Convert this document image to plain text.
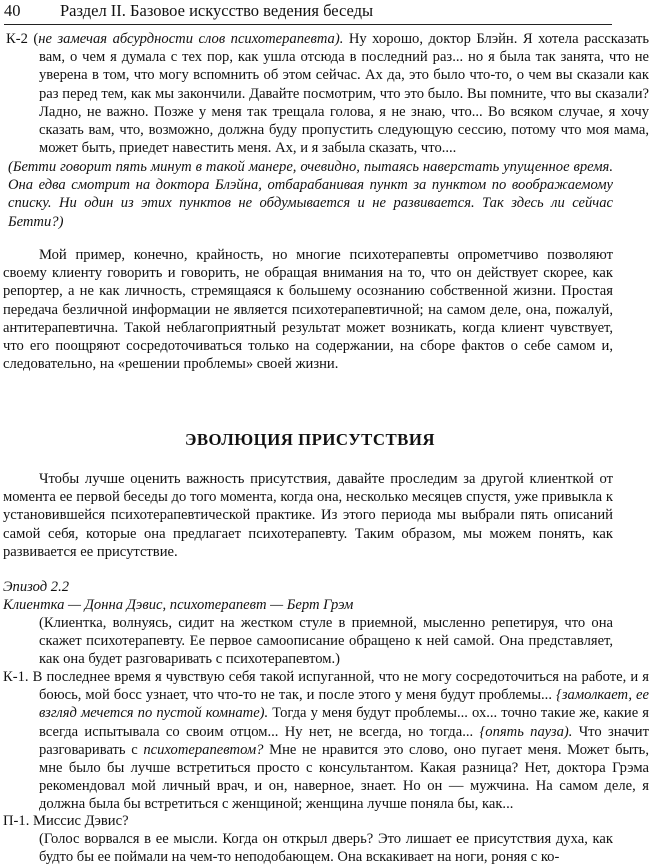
40 Раздел II. Базовое искусство ведения беседы
К-2 (не замечая абсурдности слов психотерапевта). Ну хорошо, доктор Блэйн. Я хотела рассказать вам, о чем я думала с тех пор, как ушла отсюда в последний раз... но я была так занята, что не уверена в том, что могу вспомнить об этом сейчас. Ах да, это было что-то, о чем вы сказали как раз перед тем, как мы закончили. Давайте посмотрим, что это было. Вы помните, что вы сказали? Ладно, не важно. Позже у меня так трещала голова, я не знаю, что... Во всяком случае, я хочу сказать вам, что, возможно, должна буду пропустить следующую сессию, потому что моя мама, может быть, приедет навестить меня. Ах, и я забыла сказать, что....
(Бетти говорит пять минут в такой манере, очевидно, пытаясь наверстать упущенное время. Она едва смотрит на доктора Блэйна, отбарабанивая пункт за пунктом по воображаемому списку. Ни один из этих пунктов не обдумывается и не развивается. Так здесь ли сейчас Бетти?)
Мой пример, конечно, крайность, но многие психотерапевты опрометчиво позволяют своему клиенту говорить и говорить, не обращая внимания на то, что он действует скорее, как репортер, а не как личность, стремящаяся к большему осознанию собственной жизни. Простая передача безличной информации не является психотерапевтичной; на самом деле, она, пожалуй, антитерапевтична. Такой неблагоприятный результат может возникать, когда клиент чувствует, что его поощряют сосредоточиваться только на содержании, на сборе фактов о себе самом и, следовательно, на «решении проблемы» своей жизни.
ЭВОЛЮЦИЯ ПРИСУТСТВИЯ
Чтобы лучше оценить важность присутствия, давайте проследим за другой клиенткой от момента ее первой беседы до того момента, когда она, несколько месяцев спустя, уже привыкла к установившейся психотерапевтической практике. Из этого периода мы выбрали пять описаний самой себя, которые она предлагает психотерапевту. Таким образом, мы можем понять, как развивается ее присутствие.
Эпизод 2.2
Клиентка — Донна Дэвис, психотерапевт — Берт Грэм
(Клиентка, волнуясь, сидит на жестком стуле в приемной, мысленно репетируя, что она скажет психотерапевту. Ее первое самоописание обращено к ней самой. Она представляет, как она будет разговаривать с психотерапевтом.)
К-1. В последнее время я чувствую себя такой испуганной, что не могу сосредоточиться на работе, и я боюсь, мой босс узнает, что что-то не так, и после этого у меня будут проблемы... {замолкает, ее взгляд мечется по пустой комнате). Тогда у меня будут проблемы... ох... точно такие же, какие я всегда испытывала со своим отцом... Ну нет, не всегда, но тогда... {опять пауза). Что значит разговаривать с психотерапевтом? Мне не нравится это слово, оно пугает меня. Может быть, мне было бы лучше встретиться просто с консультантом. Какая разница? Нет, доктора Грэма рекомендовал мой личный врач, и он, наверное, знает. Но он — мужчина. На самом деле, я должна была бы встретиться с женщиной; женщина лучше поняла бы, как...
П-1. Миссис Дэвис?
(Голос ворвался в ее мысли. Когда он открыл дверь? Это лишает ее присутствия духа, как будто бы ее поймали на чем-то неподобающем. Она вскакивает на ноги, роняя с ко-
